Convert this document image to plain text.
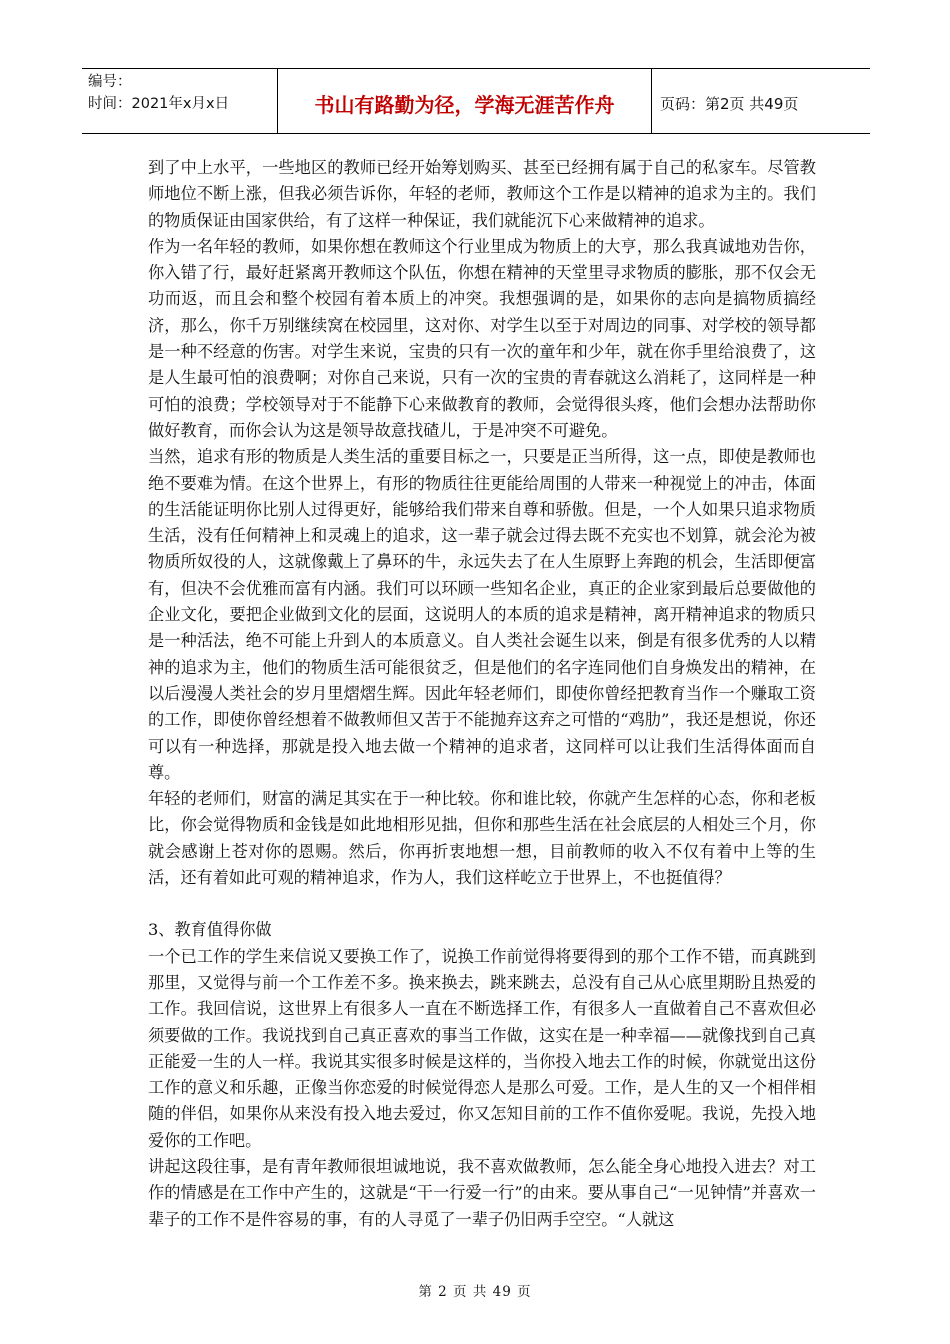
编号：
时间：2021年x月x日	书山有路勤为径，学海无涯苦作舟	页码：第2页 共49页

到了中上水平，一些地区的教师已经开始筹划购买、甚至已经拥有属于自己的私家车。尽管教师地位不断上涨，但我必须告诉你，年轻的老师，教师这个工作是以精神的追求为主的。我们的物质保证由国家供给，有了这样一种保证，我们就能沉下心来做精神的追求。

作为一名年轻的教师，如果你想在教师这个行业里成为物质上的大亨，那么我真诚地劝告你，你入错了行，最好赶紧离开教师这个队伍，你想在精神的天堂里寻求物质的膨胀，那不仅会无功而返，而且会和整个校园有着本质上的冲突。我想强调的是，如果你的志向是搞物质搞经济，那么，你千万别继续窝在校园里，这对你、对学生以至于对周边的同事、对学校的领导都是一种不经意的伤害。对学生来说，宝贵的只有一次的童年和少年，就在你手里给浪费了，这是人生最可怕的浪费啊；对你自己来说，只有一次的宝贵的青春就这么消耗了，这同样是一种可怕的浪费；学校领导对于不能静下心来做教育的教师，会觉得很头疼，他们会想办法帮助你做好教育，而你会认为这是领导故意找碴儿，于是冲突不可避免。

当然，追求有形的物质是人类生活的重要目标之一，只要是正当所得，这一点，即使是教师也绝不要难为情。在这个世界上，有形的物质往往更能给周围的人带来一种视觉上的冲击，体面的生活能证明你比别人过得更好，能够给我们带来自尊和骄傲。但是，一个人如果只追求物质生活，没有任何精神上和灵魂上的追求，这一辈子就会过得去既不充实也不划算，就会沦为被物质所奴役的人，这就像戴上了鼻环的牛，永远失去了在人生原野上奔跑的机会，生活即便富有，但决不会优雅而富有内涵。我们可以环顾一些知名企业，真正的企业家到最后总要做他的企业文化，要把企业做到文化的层面，这说明人的本质的追求是精神，离开精神追求的物质只是一种活法，绝不可能上升到人的本质意义。自人类社会诞生以来，倒是有很多优秀的人以精神的追求为主，他们的物质生活可能很贫乏，但是他们的名字连同他们自身焕发出的精神，在以后漫漫人类社会的岁月里熠熠生辉。因此年轻老师们，即使你曾经把教育当作一个赚取工资的工作，即使你曾经想着不做教师但又苦于不能抛弃这弃之可惜的“鸡肋”，我还是想说，你还可以有一种选择，那就是投入地去做一个精神的追求者，这同样可以让我们生活得体面而自尊。

年轻的老师们，财富的满足其实在于一种比较。你和谁比较，你就产生怎样的心态，你和老板比，你会觉得物质和金钱是如此地相形见拙，但你和那些生活在社会底层的人相处三个月，你就会感谢上苍对你的恩赐。然后，你再折衷地想一想，目前教师的收入不仅有着中上等的生活，还有着如此可观的精神追求，作为人，我们这样屹立于世界上，不也挺值得？

3、教育值得你做

一个已工作的学生来信说又要换工作了，说换工作前觉得将要得到的那个工作不错，而真跳到那里，又觉得与前一个工作差不多。换来换去，跳来跳去，总没有自己从心底里期盼且热爱的工作。我回信说，这世界上有很多人一直在不断选择工作，有很多人一直做着自己不喜欢但必须要做的工作。我说找到自己真正喜欢的事当工作做，这实在是一种幸福——就像找到自己真正能爱一生的人一样。我说其实很多时候是这样的，当你投入地去工作的时候，你就觉出这份工作的意义和乐趣，正像当你恋爱的时候觉得恋人是那么可爱。工作，是人生的又一个相伴相随的伴侣，如果你从来没有投入地去爱过，你又怎知目前的工作不值你爱呢。我说，先投入地爱你的工作吧。

讲起这段往事，是有青年教师很坦诚地说，我不喜欢做教师，怎么能全身心地投入进去？对工作的情感是在工作中产生的，这就是“干一行爱一行”的由来。要从事自己“一见钟情”并喜欢一辈子的工作不是件容易的事，有的人寻觅了一辈子仍旧两手空空。“人就这

第 2 页 共 49 页
